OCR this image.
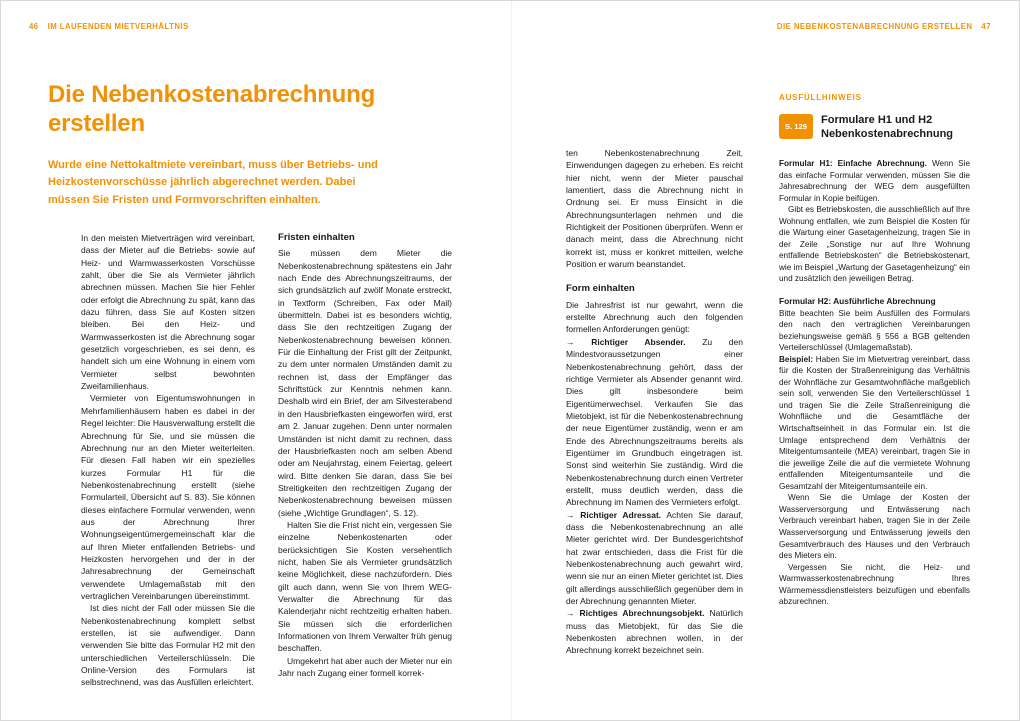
46 IM LAUFENDEN MIETVERHÄLTNIS	DIE NEBENKOSTENABRECHNUNG ERSTELLEN 47
Die Nebenkostenabrechnung
erstellen

Wurde eine Nettokaltmiete vereinbart, muss über Betriebs- und Heizkostenvorschüsse jährlich abgerechnet werden. Dabei müssen Sie Fristen und Formvorschriften einhalten.

In den meisten Mietverträgen wird vereinbart, dass der Mieter auf die Betriebs- sowie auf Heiz- und Warmwasserkosten Vorschüsse zahlt, über die Sie als Vermieter jährlich abrechnen müssen. Machen Sie hier Fehler oder erfolgt die Abrechnung zu spät, kann das dazu führen, dass Sie auf Kosten sitzen bleiben. Bei den Heiz- und Warmwasserkosten ist die Abrechnung sogar gesetzlich vorgeschrieben, es sei denn, es handelt sich um eine Wohnung in einem vom Vermieter selbst bewohnten Zweifamilienhaus.

Vermieter von Eigentumswohnungen in Mehrfamilienhäusern haben es dabei in der Regel leichter: Die Hausverwaltung erstellt die Abrechnung für Sie, und sie müssen die Abrechnung nur an den Mieter weiterleiten. Für diesen Fall haben wir ein spezielles kurzes Formular H1 für die Nebenkostenabrechnung erstellt (siehe Formularteil, Übersicht auf S. 83). Sie können dieses einfachere Formular verwenden, wenn aus der Abrechnung Ihrer Wohnungseigentümergemeinschaft klar die auf Ihren Mieter entfallenden Betriebs- und Heizkosten hervorgehen und der in der Jahresabrechnung der Gemeinschaft verwendete Umlagemaßstab mit den vertraglichen Vereinbarungen übereinstimmt.

Ist dies nicht der Fall oder müssen Sie die Nebenkostenabrechnung komplett selbst erstellen, ist sie aufwendiger. Dann verwenden Sie bitte das Formular H2 mit den unterschiedlichen Verteilerschlüsseln. Die Online-Version des Formulars ist selbstrechnend, was das Ausfüllen erleichtert.

Fristen einhalten

Sie müssen dem Mieter die Nebenkostenabrechnung spätestens ein Jahr nach Ende des Abrechnungszeitraums, der sich grundsätzlich auf zwölf Monate erstreckt, in Textform (Schreiben, Fax oder Mail) übermitteln. Dabei ist es besonders wichtig, dass Sie den rechtzeitigen Zugang der Nebenkostenabrechnung beweisen können. Für die Einhaltung der Frist gilt der Zeitpunkt, zu dem unter normalen Umständen damit zu rechnen ist, dass der Empfänger das Schriftstück zur Kenntnis nehmen kann. Deshalb wird ein Brief, der am Silvesterabend in den Hausbriefkasten eingeworfen wird, erst am 2. Januar zugehen. Denn unter normalen Umständen ist nicht damit zu rechnen, dass der Hausbriefkasten noch am selben Abend oder am Neujahrstag, einem Feiertag, geleert wird. Bitte denken Sie daran, dass Sie bei Streitigkeiten den rechtzeitigen Zugang der Nebenkostenabrechnung beweisen müssen (siehe „Wichtige Grundlagen“, S. 12).

Halten Sie die Frist nicht ein, vergessen Sie einzelne Nebenkostenarten oder berücksichtigen Sie Kosten versehentlich nicht, haben Sie als Vermieter grundsätzlich keine Möglichkeit, diese nachzufordern. Dies gilt auch dann, wenn Sie von Ihrem WEG-Verwalter die Abrechnung für das Kalenderjahr nicht rechtzeitig erhalten haben. Sie müssen sich die erforderlichen Informationen von Ihrem Verwalter früh genug beschaffen.

Umgekehrt hat aber auch der Mieter nur ein Jahr nach Zugang einer formell korrek-

ten Nebenkostenabrechnung Zeit, Einwendungen dagegen zu erheben. Es reicht hier nicht, wenn der Mieter pauschal lamentiert, dass die Abrechnung nicht in Ordnung sei. Er muss Einsicht in die Abrechnungsunterlagen nehmen und die Richtigkeit der Positionen überprüfen. Wenn er danach meint, dass die Abrechnung nicht korrekt ist, muss er konkret mitteilen, welche Position er warum beanstandet.

Form einhalten

Die Jahresfrist ist nur gewahrt, wenn die erstellte Abrechnung auch den folgenden formellen Anforderungen genügt:

→ Richtiger Absender. Zu den Mindestvoraussetzungen einer Nebenkostenabrechnung gehört, dass der richtige Vermieter als Absender genannt wird. Dies gilt insbesondere beim Eigentümerwechsel. Verkaufen Sie das Mietobjekt, ist für die Nebenkostenabrechnung der neue Eigentümer zuständig, wenn er am Ende des Abrechnungszeitraums bereits als Eigentümer im Grundbuch eingetragen ist. Sonst sind weiterhin Sie zuständig. Wird die Nebenkostenabrechnung durch einen Vertreter erstellt, muss deutlich werden, dass die Abrechnung im Namen des Vermieters erfolgt.

→ Richtiger Adressat. Achten Sie darauf, dass die Nebenkostenabrechnung an alle Mieter gerichtet wird. Der Bundesgerichtshof hat zwar entschieden, dass die Frist für die Nebenkostenabrechnung auch gewahrt wird, wenn sie nur an einen Mieter gerichtet ist. Dies gilt allerdings ausschließlich gegenüber dem in der Abrechnung genannten Mieter.

→ Richtiges Abrechnungsobjekt. Natürlich muss das Mietobjekt, für das Sie die Nebenkosten abrechnen wollen, in der Abrechnung korrekt bezeichnet sein.

AUSFÜLLHINWEIS
S. 129
Formulare H1 und H2 Nebenkostenabrechnung

Formular H1: Einfache Abrechnung. Wenn Sie das einfache Formular verwenden, müssen Sie die Jahresabrechnung der WEG dem ausgefüllten Formular in Kopie beifügen.

Gibt es Betriebskosten, die ausschließlich auf Ihre Wohnung entfallen, wie zum Beispiel die Kosten für die Wartung einer Gasetagenheizung, tragen Sie in der Zeile „Sonstige nur auf Ihre Wohnung entfallende Betriebskosten“ die Betriebskostenart, wie im Beispiel „Wartung der Gasetagenheizung“ ein und zusätzlich den jeweiligen Betrag.

Formular H2: Ausführliche Abrechnung

Bitte beachten Sie beim Ausfüllen des Formulars den nach den vertraglichen Vereinbarungen beziehungsweise gemäß § 556 a BGB geltenden Verteilerschlüssel (Umlagemaßstab).

Beispiel: Haben Sie im Mietvertrag vereinbart, dass für die Kosten der Straßenreinigung das Verhältnis der Wohnfläche zur Gesamtwohnfläche maßgeblich sein soll, verwenden Sie den Verteilerschlüssel 1 und tragen Sie die Zeile Straßenreinigung die Wohnfläche und die Gesamtfläche der Wirtschaftseinheit in das Formular ein. Ist die Umlage entsprechend dem Verhältnis der Miteigentumsanteile (MEA) vereinbart, tragen Sie in die jeweilige Zeile die auf die vermietete Wohnung entfallenden Miteigentumsanteile und die Gesamtzahl der Miteigentumsanteile ein.

Wenn Sie die Umlage der Kosten der Wasserversorgung und Entwässerung nach Verbrauch vereinbart haben, tragen Sie in der Zeile Wasserversorgung und Entwässerung jeweils den Gesamtverbrauch des Hauses und den Verbrauch des Mieters ein.

Vergessen Sie nicht, die Heiz- und Warmwasserkostenabrechnung Ihres Wärmemessdienstleisters beizufügen und ebenfalls abzurechnen.
